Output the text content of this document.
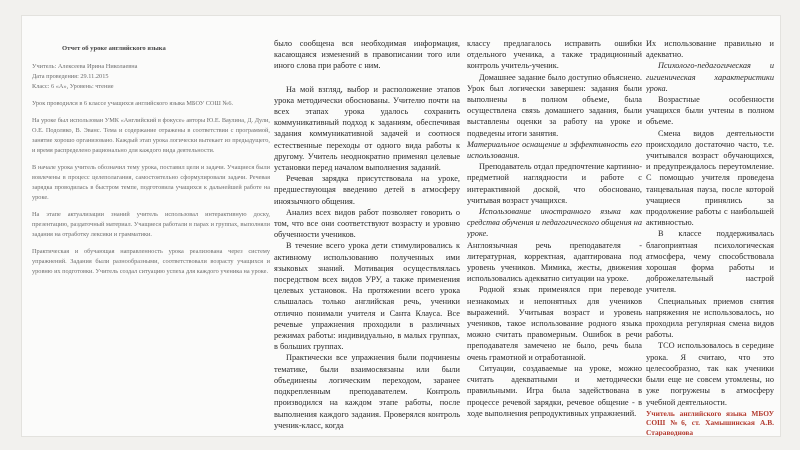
Отчет об уроке английского языка

Учитель: Алексеева Ирина Николаевна

Дата проведения: 29.11.2015

Класс: 6 «А», Уровень: чтение

Урок проводился в 6 классе учащихся английского языка МБОУ СОШ №6.

На уроке был использован УМК «Английский в фокусе» авторы Ю.Е. Ваулина, Д. Дули, О.Е. Подоляко, В. Эванс. Тема и содержание отражены в соответствии с программой, занятие хорошо организовано. Каждый этап урока логически вытекает из предыдущего, и время распределено рационально для каждого вида деятельности.

В начале урока учитель обозначил тему урока, поставил цели и задачи. Учащиеся были вовлечены в процесс целеполагания, самостоятельно сформулировали задачи. Речевая зарядка проводилась в быстром темпе, подготовила учащихся к дальнейшей работе на уроке.

На этапе актуализации знаний учитель использовал интерактивную доску, презентацию, раздаточный материал. Учащиеся работали в парах и группах, выполняли задания на отработку лексики и грамматики.

Практическая и обучающая направленность урока реализована через систему упражнений. Задания были разнообразными, соответствовали возрасту учащихся и уровню их подготовки. Учитель создал ситуацию успеха для каждого ученика на уроке.

было сообщена вся необходимая информация, касающаяся изменений в правописании того или иного слова при работе с ним.

На мой взгляд, выбор и расположение этапов урока методически обоснованы. Учителю почти на всех этапах урока удалось сохранить коммуникативный подход к заданиям, обеспечивая задания коммуникативной задачей и соотнося естественные переходы от одного вида работы к другому. Учитель неоднократно применял целевые установки перед началом выполнения заданий.

Речевая зарядка присутствовала на уроке, предшествующая введению детей в атмосферу иноязычного общения.

Анализ всех видов работ позволяет говорить о том, что все они соответствуют возрасту и уровню обученности учеников.

В течение всего урока дети стимулировались к активному использованию полученных ими языковых знаний. Мотивация осуществлялась посредством всех видов УРУ, а также применения целевых установок. На протяжении всего урока слышалась только английская речь, ученики отлично понимали учителя и Санта Клауса. Все речевые упражнения проходили в различных режимах работы: индивидуально, в малых группах, в больших группах.

Практически все упражнения были подчинены тематике, были взаимосвязаны или были объединены логическим переходом, заранее подкрепленным преподавателем. Контроль производился на каждом этапе работы, после выполнения каждого задания. Проверялся контроль ученик-класс, когда

классу предлагалось исправить ошибки отдельного ученика, а также традиционный контроль учитель-ученик.

Домашнее задание было доступно объяснено. Урок был логически завершен: задания были выполнены в полном объеме, была осуществлена связь домашнего задания, были выставлены оценки за работу на уроке и подведены итоги занятия.

Материальное оснащение и эффективность его использования.

Преподаватель отдал предпочтение картинно-предметной наглядности и работе с интерактивной доской, что обосновано, учитывая возраст учащихся.

Использование иностранного языка как средства обучения и педагогического общения на уроке.

Англоязычная речь преподавателя - литературная, корректная, адаптирована под уровень учеников. Мимика, жесты, движения использовались адекватно ситуации на уроке.

Родной язык применялся при переводе незнакомых и непонятных для учеников выражений. Учитывая возраст и уровень учеников, такое использование родного языка можно считать правомерным. Ошибок в речи преподавателя замечено не было, речь была очень грамотной и отработанной.

Ситуации, создаваемые на уроке, можно считать адекватными и методически правильными. Игра была задействована в процессе речевой зарядки, речевое общение - в ходе выполнения репродуктивных упражнений.

Их использование правильно и адекватно.

Психолого-педагогическая и гигиеническая характеристики урока.

Возрастные особенности учащихся были учтены в полном объеме.

Смена видов деятельности происходило достаточно часто, т.е. учитывался возраст обучающихся, и предупреждалось переутомление. С помощью учителя проведена танцевальная пауза, после которой учащиеся принялись за продолжение работы с наибольшей активностью.

В классе поддерживалась благоприятная психологическая атмосфера, чему способствовала хорошая форма работы и доброжелательный настрой учителя.

Специальных приемов снятия напряжения не использовалось, но проходила регулярная смена видов работы.

ТСО использовалось в середине урока. Я считаю, что это целесообразно, так как ученики были еще не совсем утомлены, но уже погружены в атмосферу учебной деятельности.

Учитель английского языка МБОУ СОШ №6, ст. Хамышинская А.В. Стараводнова
